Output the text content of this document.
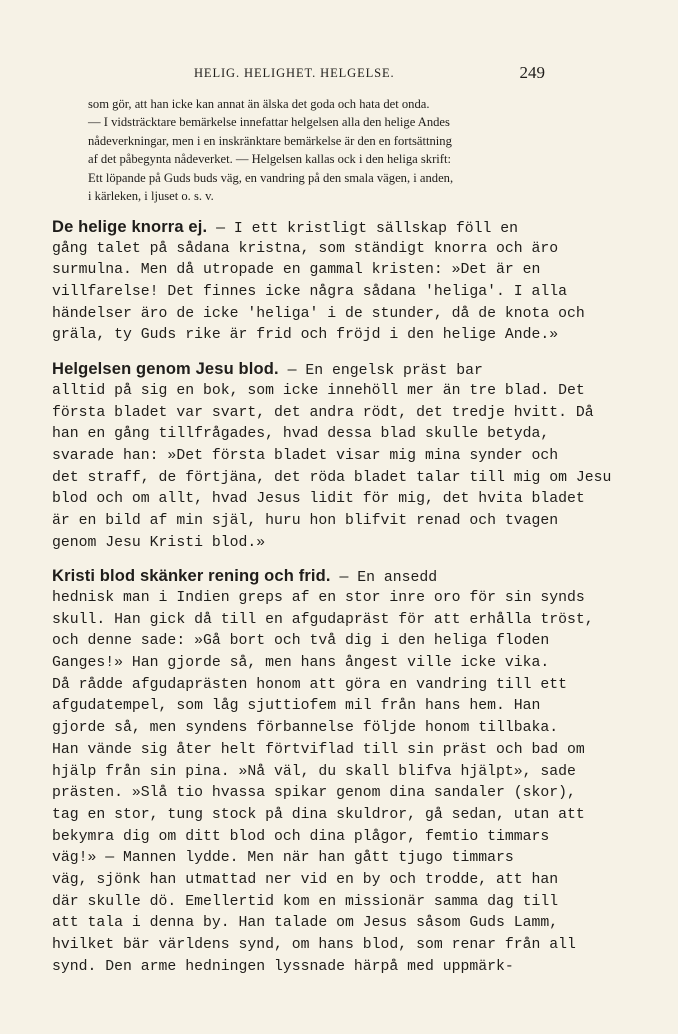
HELIG. HELIGHET. HELGELSE.	249
som gör, att han icke kan annat än älska det goda och hata det onda.
— I vidsträcktare bemärkelse innefattar helgelsen alla den helige Andes
nådeverkningar, men i en inskränktare bemärkelse är den en fortsättning
af det påbegynta nådeverket. — Helgelsen kallas ock i den heliga skrift:
Ett löpande på Guds buds väg, en vandring på den smala vägen, i anden,
i kärleken, i ljuset o. s. v.
De helige knorra ej. — I ett kristligt sällskap föll en
gång talet på sådana kristna, som ständigt knorra och äro
surmulna. Men då utropade en gammal kristen: »Det är en
villfarelse! Det finnes icke några sådana 'heliga'. I alla
händelser äro de icke 'heliga' i de stunder, då de knota och
gräla, ty Guds rike är frid och fröjd i den helige Ande.»
Helgelsen genom Jesu blod. — En engelsk präst bar
alltid på sig en bok, som icke innehöll mer än tre blad. Det
första bladet var svart, det andra rödt, det tredje hvitt. Då
han en gång tillfrågades, hvad dessa blad skulle betyda,
svarade han: »Det första bladet visar mig mina synder och
det straff, de förtjäna, det röda bladet talar till mig om Jesu
blod och om allt, hvad Jesus lidit för mig, det hvita bladet
är en bild af min själ, huru hon blifvit renad och tvagen
genom Jesu Kristi blod.»
Kristi blod skänker rening och frid. — En ansedd
hednisk man i Indien greps af en stor inre oro för sin synds
skull. Han gick då till en afgudapräst för att erhålla tröst,
och denne sade: »Gå bort och två dig i den heliga floden
Ganges!» Han gjorde så, men hans ångest ville icke vika.
Då rådde afgudaprästen honom att göra en vandring till ett
afgudatempel, som låg sjuttiofem mil från hans hem. Han
gjorde så, men syndens förbannelse följde honom tillbaka.
Han vände sig åter helt förtviflad till sin präst och bad om
hjälp från sin pina. »Nå väl, du skall blifva hjälpt», sade
prästen. »Slå tio hvassa spikar genom dina sandaler (skor),
tag en stor, tung stock på dina skuldror, gå sedan, utan att
bekymra dig om ditt blod och dina plågor, femtio timmars
väg!» — Mannen lydde. Men när han gått tjugo timmars
väg, sjönk han utmattad ner vid en by och trodde, att han
där skulle dö. Emellertid kom en missionär samma dag till
att tala i denna by. Han talade om Jesus såsom Guds Lamm,
hvilket bär världens synd, om hans blod, som renar från all
synd. Den arme hedningen lyssnade härpå med uppmärk-
